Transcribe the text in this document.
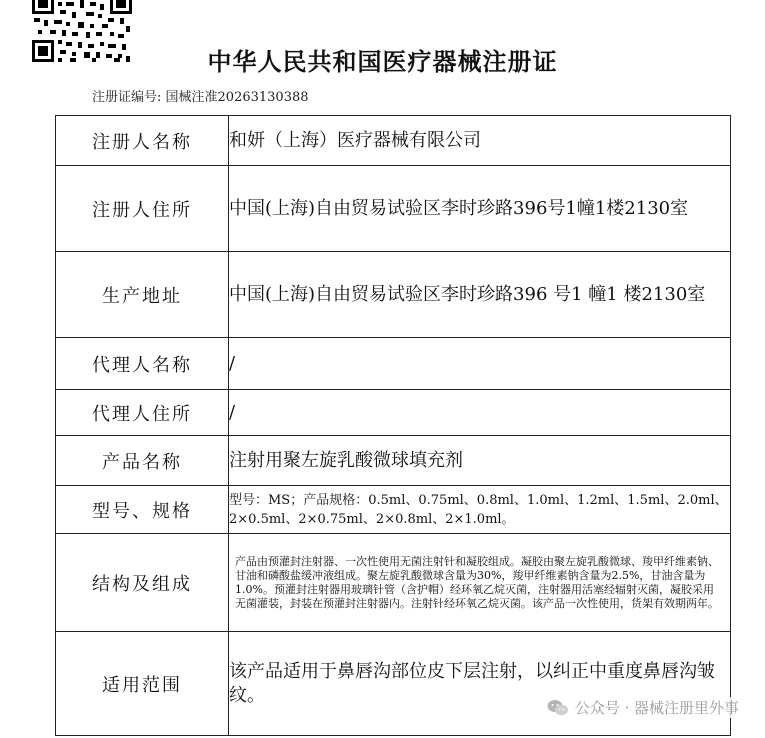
中华人民共和国医疗器械注册证
注册证编号: 国械注准20263130388
注册人名称	和妍（上海）医疗器械有限公司
注册人住所	中国(上海)自由贸易试验区李时珍路396号1幢1楼2130室
生产地址	中国(上海)自由贸易试验区李时珍路396 号1 幢1 楼2130室
代理人名称	/
代理人住所	/
产品名称	注射用聚左旋乳酸微球填充剂
型号、规格	型号：MS；产品规格：0.5ml、0.75ml、0.8ml、1.0ml、1.2ml、1.5ml、2.0ml、2×0.5ml、2×0.75ml、2×0.8ml、2×1.0ml。
结构及组成	产品由预灌封注射器、一次性使用无菌注射针和凝胶组成。凝胶由聚左旋乳酸微球、羧甲纤维素钠、甘油和磷酸盐缓冲液组成。聚左旋乳酸微球含量为30%，羧甲纤维素钠含量为2.5%，甘油含量为1.0%。预灌封注射器用玻璃针管（含护帽）经环氧乙烷灭菌，注射器用活塞经辐射灭菌，凝胶采用无菌灌装，封装在预灌封注射器内。注射针经环氧乙烷灭菌。该产品一次性使用，货架有效期两年。
适用范围	该产品适用于鼻唇沟部位皮下层注射，以纠正中重度鼻唇沟皱纹。
公众号 · 器械注册里外事
